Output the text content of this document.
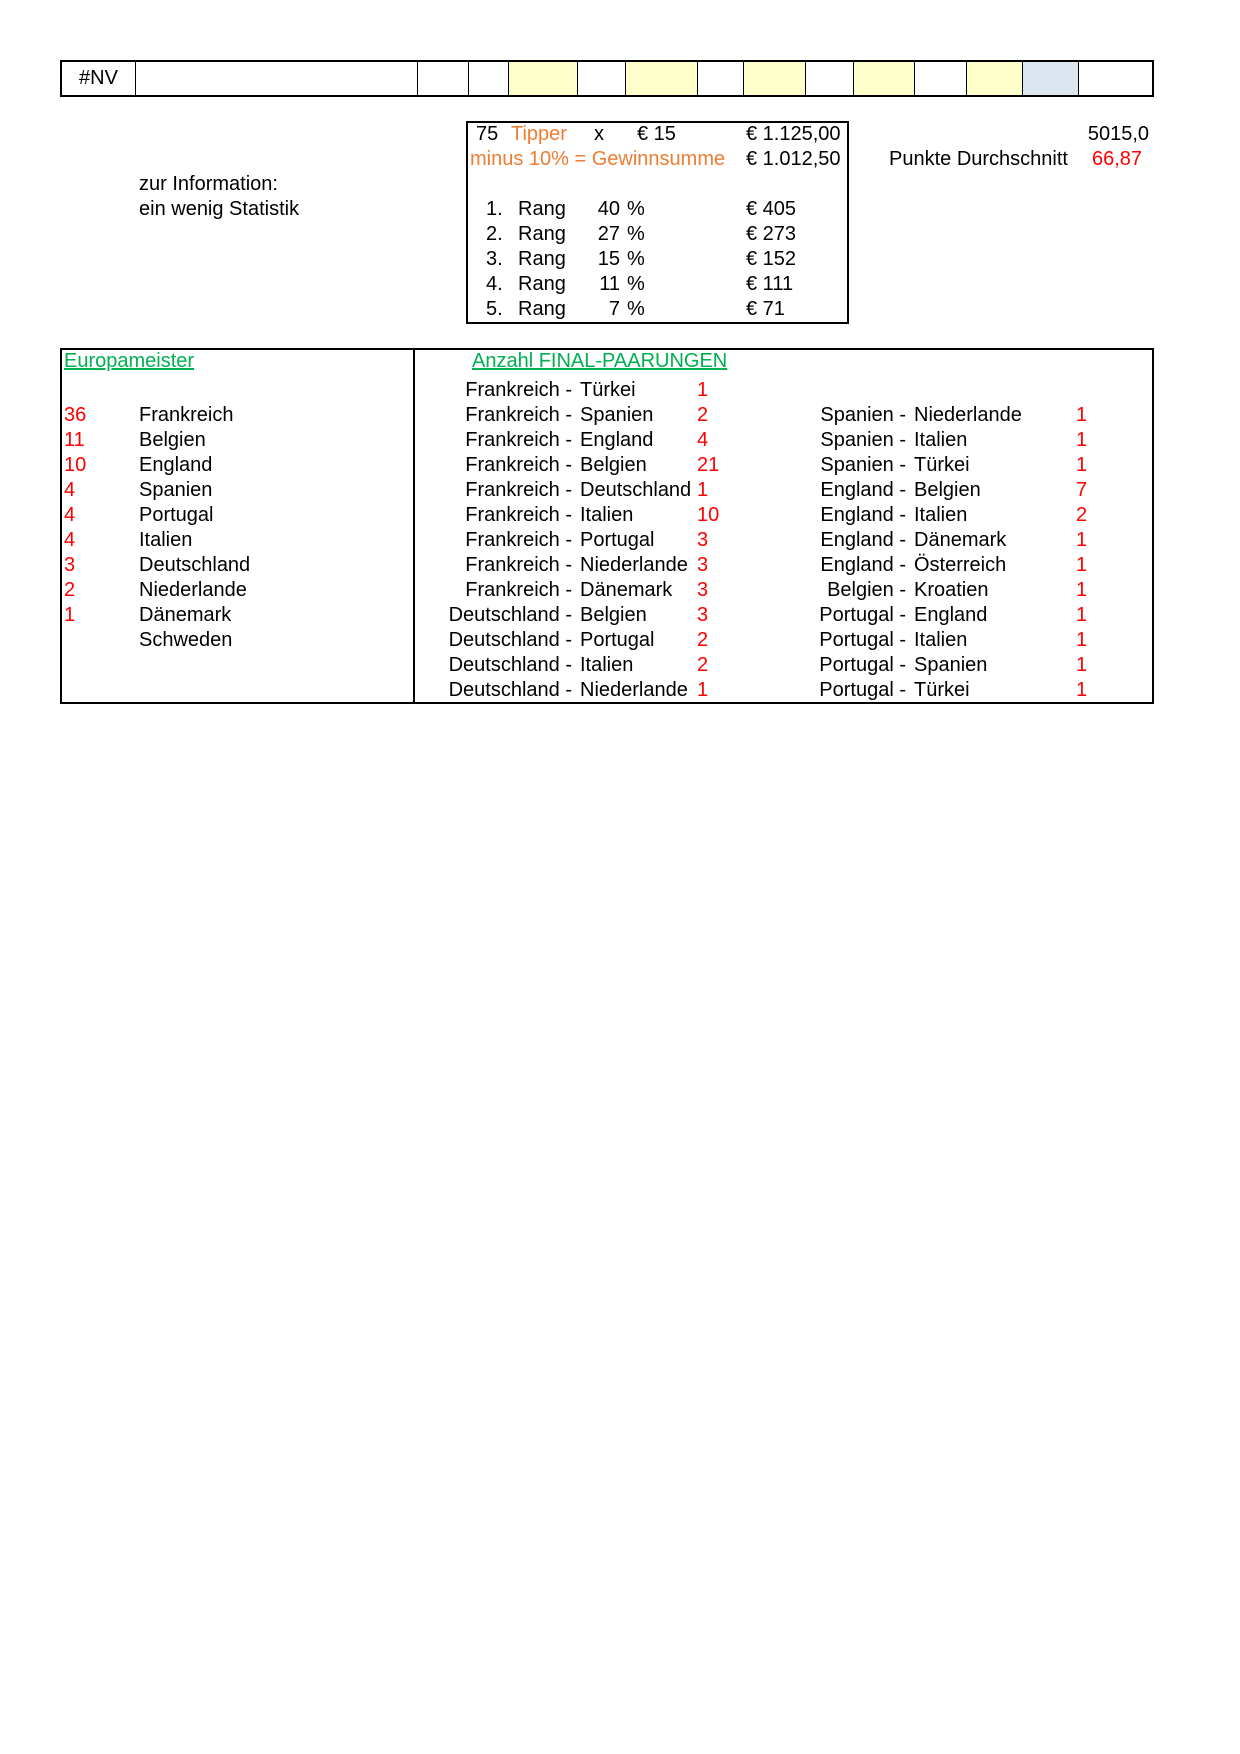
#NV
75 Tipper x € 15	€ 1.125,00
minus 10% = Gewinnsumme € 1.012,50
1. Rang	40 %	€ 405
2. Rang	27 %	€ 273
3. Rang	15 %	€ 152
4. Rang	11 %	€ 111
5. Rang	7 %	€ 71
zur Information:
ein wenig Statistik
5015,0
Punkte Durchschnitt 66,87
Europameister	Anzahl FINAL-PAARUNGEN
36	Frankreich
11	Belgien
10	England
4	Spanien
4	Portugal
4	Italien
3	Deutschland
2	Niederlande
1	Dänemark
Schweden
Frankreich - Türkei	1
Frankreich - Spanien 2
Frankreich - England 4
Frankreich - Belgien	21
Frankreich - Deutschland 1
Frankreich - Italien	10
Frankreich - Portugal 3
Frankreich - Niederlande 3
Frankreich - Dänemark 3
Deutschland - Belgien	3
Deutschland - Portugal 2
Deutschland - Italien	2
Deutschland - Niederlande 1
Spanien - Niederlande	1
Spanien - Italien	1
Spanien - Türkei	1
England - Belgien	7
England - Italien	2
England - Dänemark	1
England - Österreich	1
Belgien - Kroatien	1
Portugal - England	1
Portugal - Italien	1
Portugal - Spanien	1
Portugal - Türkei	1
